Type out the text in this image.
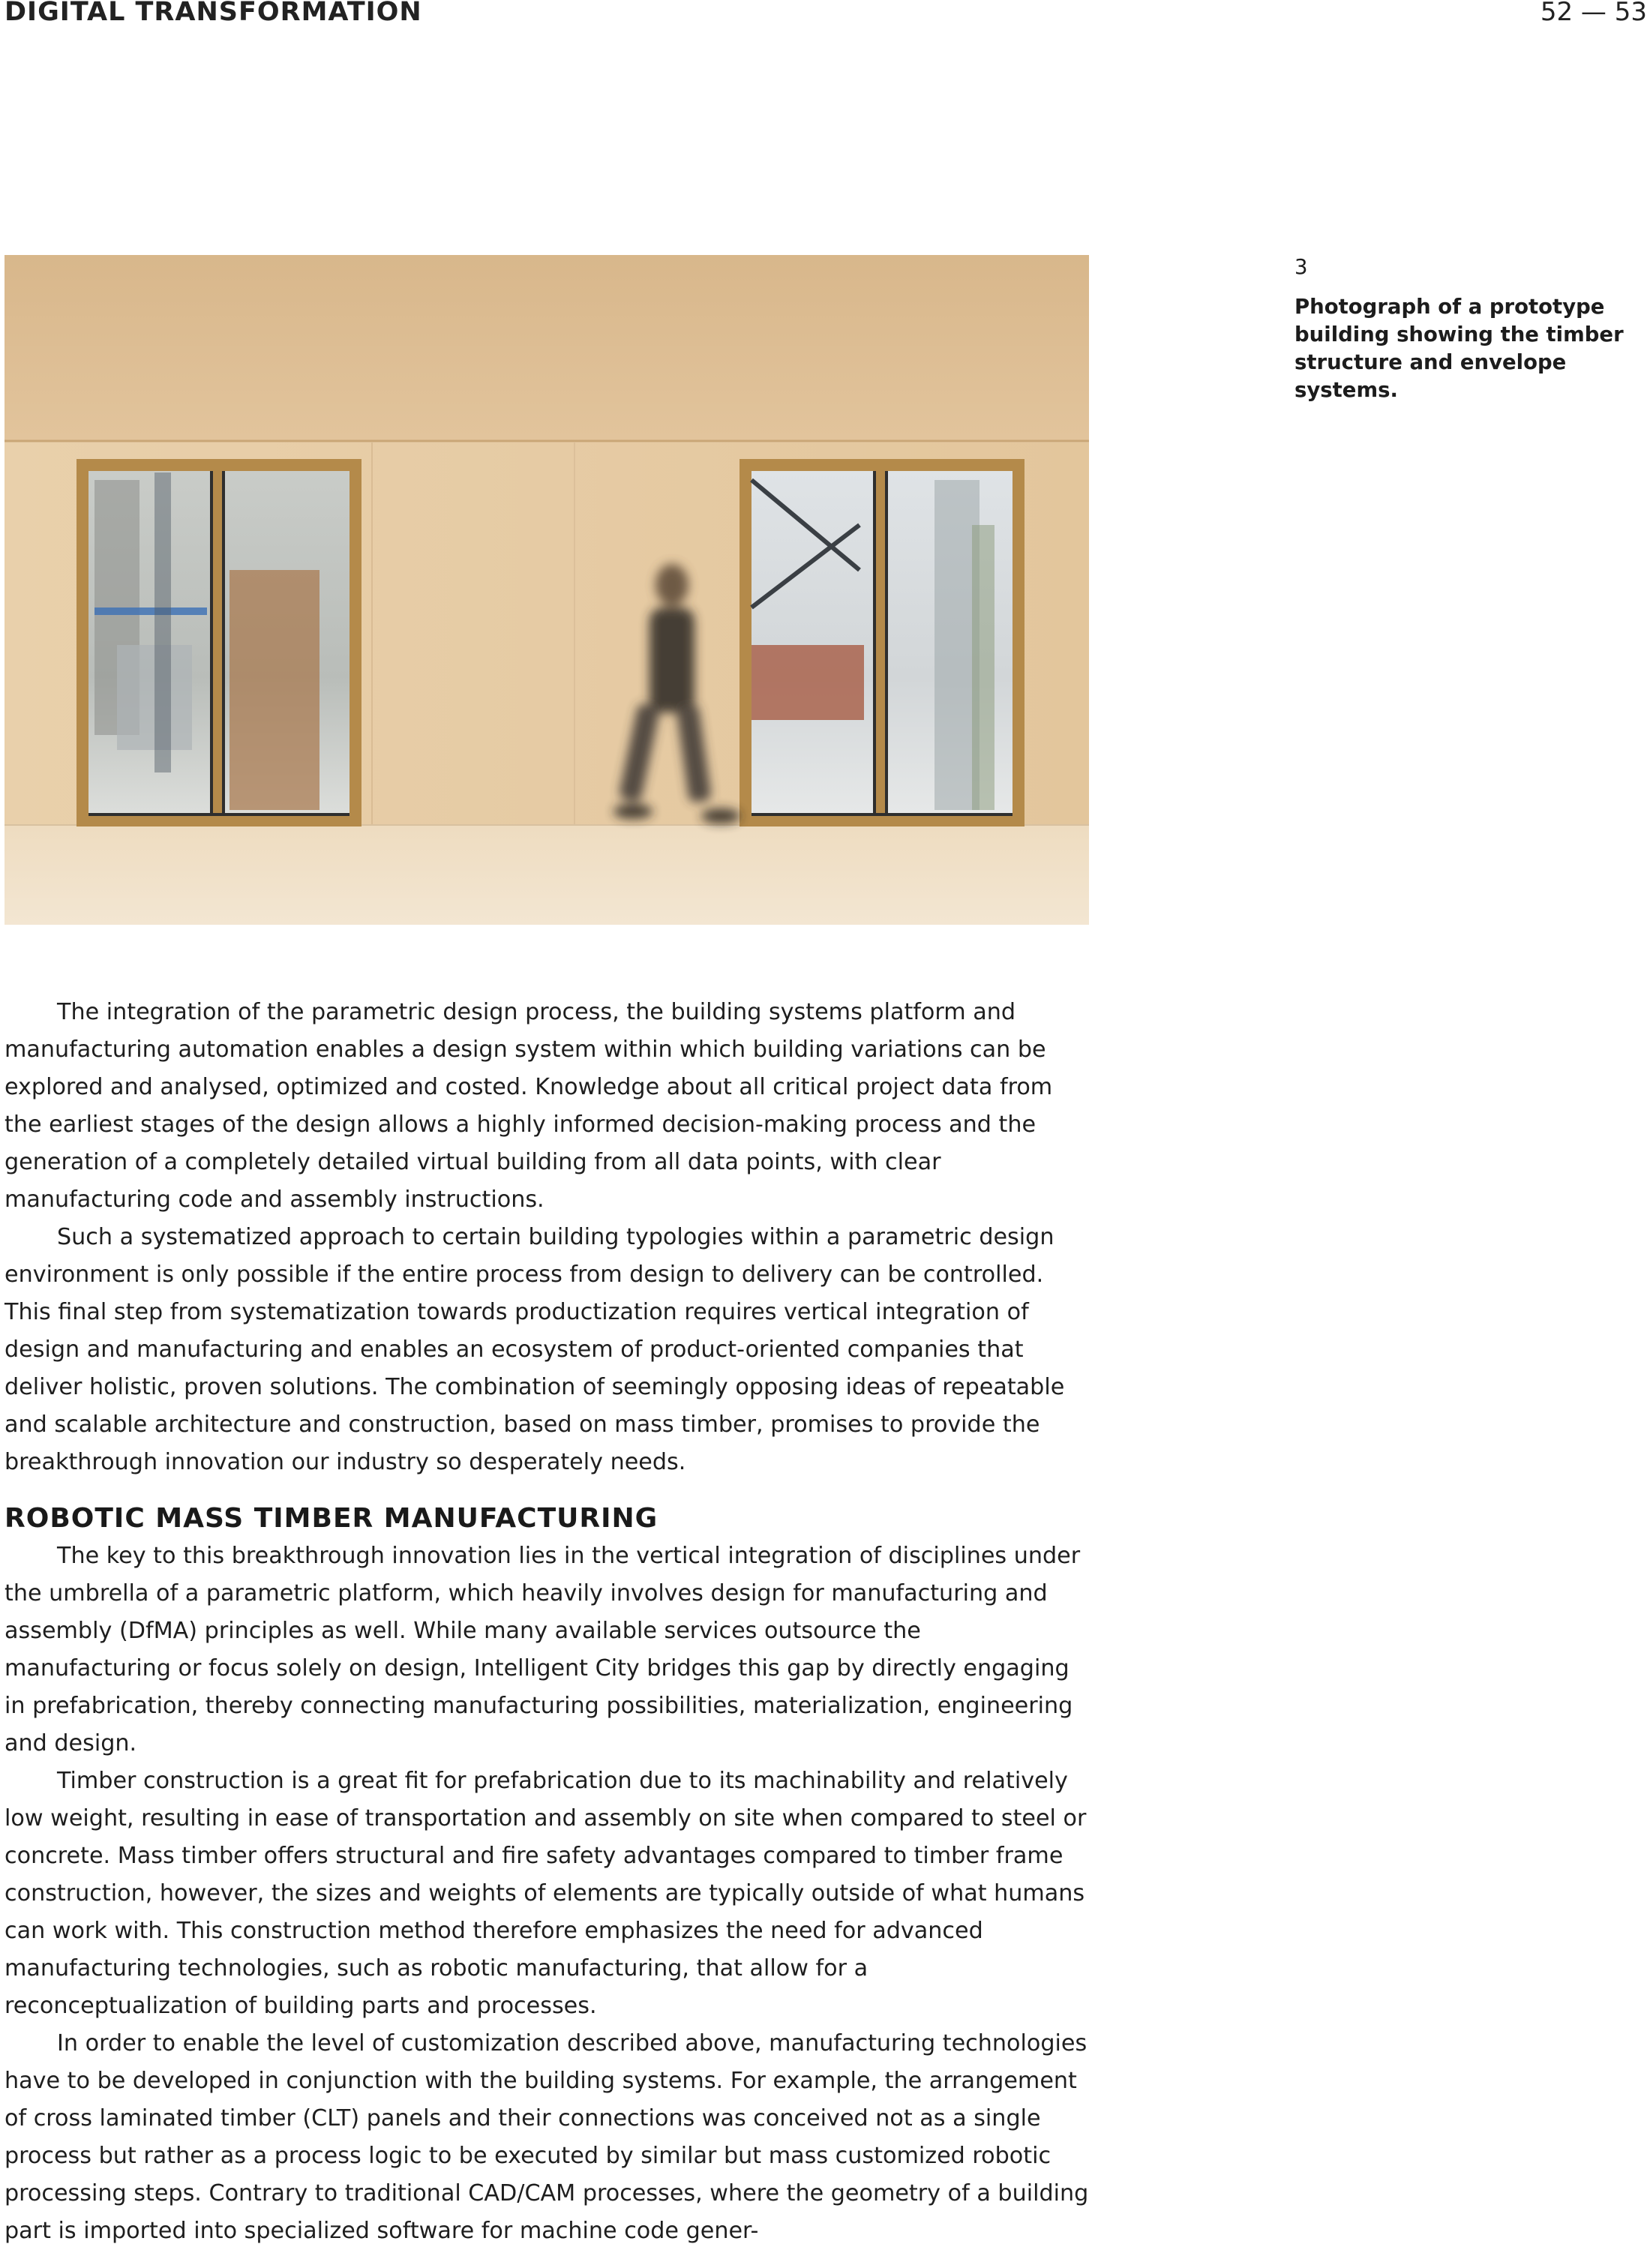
DIGITAL TRANSFORMATION	52 — 53
3
Photograph of a prototype building showing the timber structure and envelope systems.

The integration of the parametric design process, the building systems platform and manufacturing automation enables a design system within which building variations can be explored and analysed, optimized and costed. Knowledge about all critical project data from the earliest stages of the design allows a highly informed decision-making process and the generation of a completely detailed virtual building from all data points, with clear manufacturing code and assembly instructions.

Such a systematized approach to certain building typologies within a parametric design environment is only possible if the entire process from design to delivery can be controlled. This final step from systematization towards productization requires vertical integration of design and manufacturing and enables an ecosystem of product-oriented companies that deliver holistic, proven solutions. The combination of seemingly opposing ideas of repeatable and scalable architecture and construction, based on mass timber, promises to provide the breakthrough innovation our industry so desperately needs.

ROBOTIC MASS TIMBER MANUFACTURING

The key to this breakthrough innovation lies in the vertical integration of disciplines under the umbrella of a parametric platform, which heavily involves design for manufacturing and assembly (DfMA) principles as well. While many available services outsource the manufacturing or focus solely on design, Intelligent City bridges this gap by directly engaging in prefabrication, thereby connecting manufacturing possibilities, materialization, engineering and design.

Timber construction is a great fit for prefabrication due to its machinability and relatively low weight, resulting in ease of transportation and assembly on site when compared to steel or concrete. Mass timber offers structural and fire safety advantages compared to timber frame construction, however, the sizes and weights of elements are typically outside of what humans can work with. This construction method therefore emphasizes the need for advanced manufacturing technologies, such as robotic manufacturing, that allow for a reconceptualization of building parts and processes.

In order to enable the level of customization described above, manufacturing technologies have to be developed in conjunction with the building systems. For example, the arrangement of cross laminated timber (CLT) panels and their connections was conceived not as a single process but rather as a process logic to be executed by similar but mass customized robotic processing steps. Contrary to traditional CAD/CAM processes, where the geometry of a building part is imported into specialized software for machine code gener-
